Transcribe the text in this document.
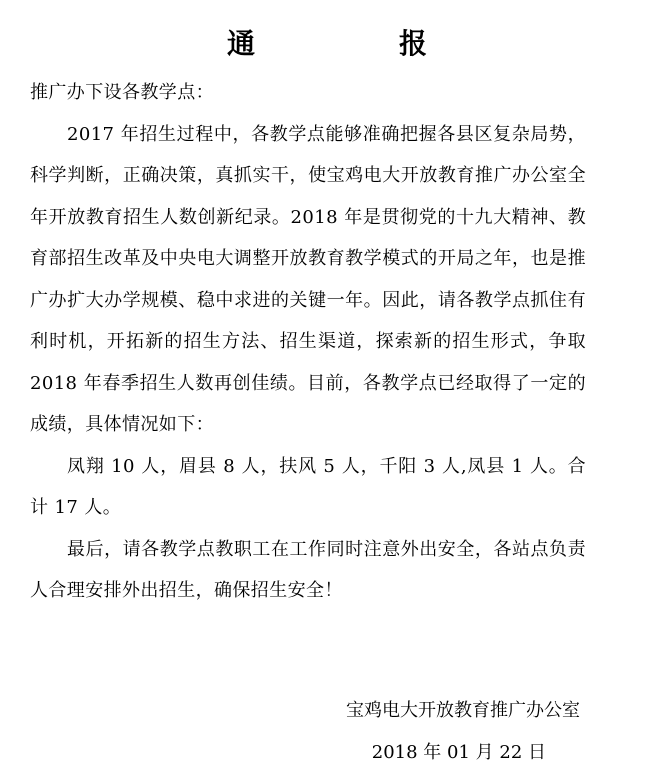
通　报

推广办下设各教学点：

2017 年招生过程中，各教学点能够准确把握各县区复杂局势，科学判断，正确决策，真抓实干，使宝鸡电大开放教育推广办公室全年开放教育招生人数创新纪录。2018 年是贯彻党的十九大精神、教育部招生改革及中央电大调整开放教育教学模式的开局之年，也是推广办扩大办学规模、稳中求进的关键一年。因此，请各教学点抓住有利时机，开拓新的招生方法、招生渠道，探索新的招生形式，争取 2018 年春季招生人数再创佳绩。目前，各教学点已经取得了一定的成绩，具体情况如下：

凤翔 10 人，眉县 8 人，扶风 5 人，千阳 3 人,凤县 1 人。合计 17 人。

最后，请各教学点教职工在工作同时注意外出安全，各站点负责人合理安排外出招生，确保招生安全！

宝鸡电大开放教育推广办公室
2018 年 01 月 22 日
